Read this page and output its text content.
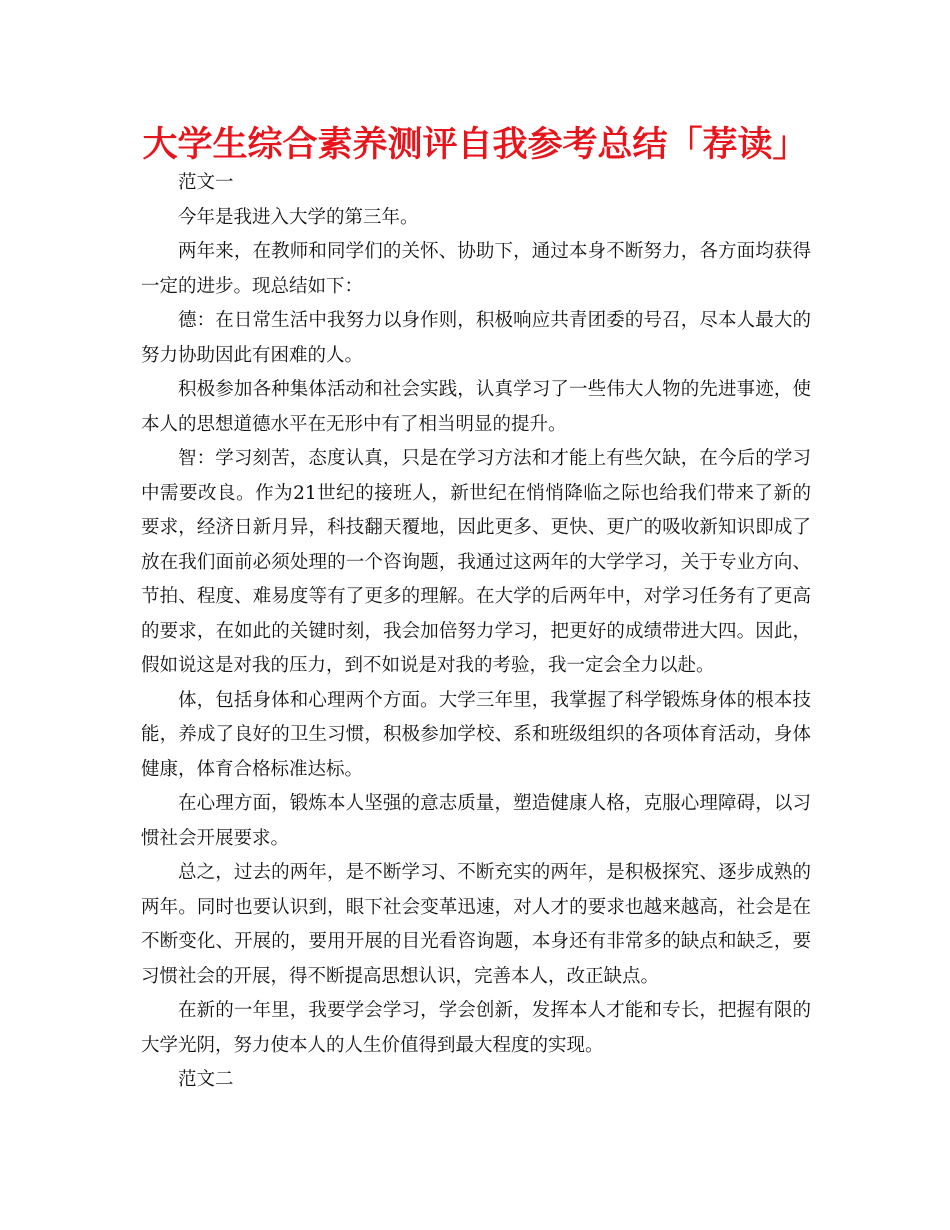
大学生综合素养测评自我参考总结「荐读」

范文一

今年是我进入大学的第三年。

两年来，在教师和同学们的关怀、协助下，通过本身不断努力，各方面均获得一定的进步。现总结如下：

德：在日常生活中我努力以身作则，积极响应共青团委的号召，尽本人最大的努力协助因此有困难的人。

积极参加各种集体活动和社会实践，认真学习了一些伟大人物的先进事迹，使本人的思想道德水平在无形中有了相当明显的提升。

智：学习刻苦，态度认真，只是在学习方法和才能上有些欠缺，在今后的学习中需要改良。作为21世纪的接班人，新世纪在悄悄降临之际也给我们带来了新的要求，经济日新月异，科技翻天覆地，因此更多、更快、更广的吸收新知识即成了放在我们面前必须处理的一个咨询题，我通过这两年的大学学习，关于专业方向、节拍、程度、难易度等有了更多的理解。在大学的后两年中，对学习任务有了更高的要求，在如此的关键时刻，我会加倍努力学习，把更好的成绩带进大四。因此，假如说这是对我的压力，到不如说是对我的考验，我一定会全力以赴。

体，包括身体和心理两个方面。大学三年里，我掌握了科学锻炼身体的根本技能，养成了良好的卫生习惯，积极参加学校、系和班级组织的各项体育活动，身体健康，体育合格标准达标。

在心理方面，锻炼本人坚强的意志质量，塑造健康人格，克服心理障碍，以习惯社会开展要求。

总之，过去的两年，是不断学习、不断充实的两年，是积极探究、逐步成熟的两年。同时也要认识到，眼下社会变革迅速，对人才的要求也越来越高，社会是在不断变化、开展的，要用开展的目光看咨询题，本身还有非常多的缺点和缺乏，要习惯社会的开展，得不断提高思想认识，完善本人，改正缺点。

在新的一年里，我要学会学习，学会创新，发挥本人才能和专长，把握有限的大学光阴，努力使本人的人生价值得到最大程度的实现。

范文二
